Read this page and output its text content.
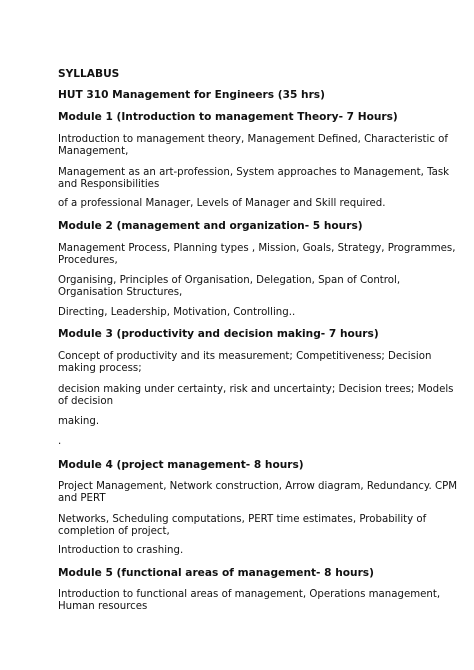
SYLLABUS
HUT 310 Management for Engineers (35 hrs)
Module 1 (Introduction to management Theory- 7 Hours)
Introduction to management theory, Management Defined, Characteristic of
Management,
Management as an art-profession, System approaches to Management, Task
and Responsibilities
of a professional Manager, Levels of Manager and Skill required.
Module 2 (management and organization- 5 hours)
Management Process, Planning types , Mission, Goals, Strategy, Programmes,
Procedures,
Organising, Principles of Organisation, Delegation, Span of Control,
Organisation Structures,
Directing, Leadership, Motivation, Controlling..
Module 3 (productivity and decision making- 7 hours)
Concept of productivity and its measurement; Competitiveness; Decision
making process;
decision making under certainty, risk and uncertainty; Decision trees; Models
of decision
making.
.
Module 4 (project management- 8 hours)
Project Management, Network construction, Arrow diagram, Redundancy. CPM
and PERT
Networks, Scheduling computations, PERT time estimates, Probability of
completion of project,
Introduction to crashing.
Module 5 (functional areas of management- 8 hours)
Introduction to functional areas of management, Operations management,
Human resources
